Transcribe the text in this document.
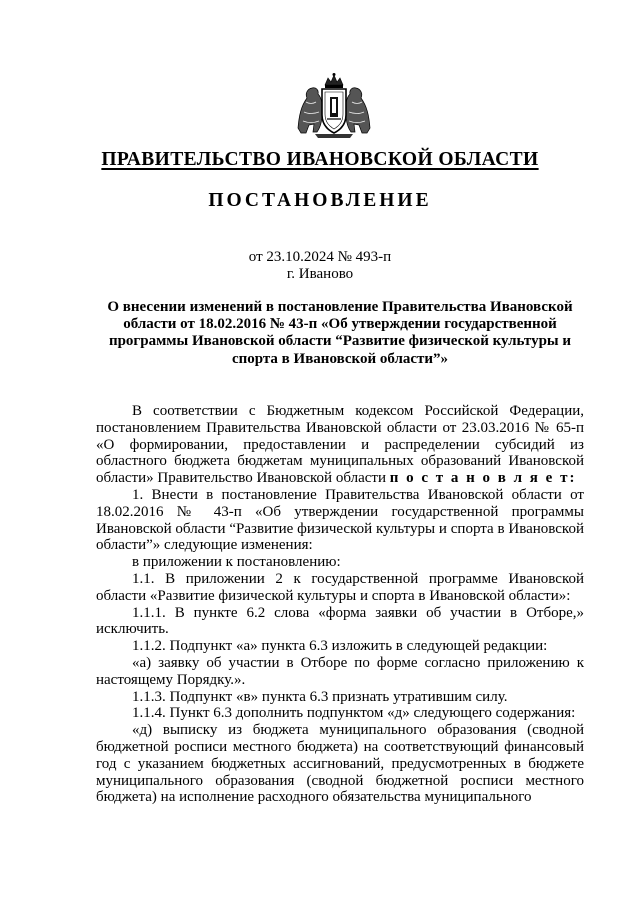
ПРАВИТЕЛЬСТВО ИВАНОВСКОЙ ОБЛАСТИ
ПОСТАНОВЛЕНИЕ
от 23.10.2024 № 493-п
г. Иваново
О внесении изменений в постановление Правительства Ивановской области от 18.02.2016 № 43-п «Об утверждении государственной программы Ивановской области “Развитие физической культуры и спорта в Ивановской области”»

В соответствии с Бюджетным кодексом Российской Федерации, постановлением Правительства Ивановской области от 23.03.2016 № 65-п «О формировании, предоставлении и распределении субсидий из областного бюджета бюджетам муниципальных образований Ивановской области» Правительство Ивановской области п о с т а н о в л я е т:

1. Внести в постановление Правительства Ивановской области от 18.02.2016 № 43-п «Об утверждении государственной программы Ивановской области “Развитие физической культуры и спорта в Ивановской области”» следующие изменения:

в приложении к постановлению:

1.1. В приложении 2 к государственной программе Ивановской области «Развитие физической культуры и спорта в Ивановской области»:

1.1.1. В пункте 6.2 слова «форма заявки об участии в Отборе,» исключить.

1.1.2. Подпункт «а» пункта 6.3 изложить в следующей редакции:

«а) заявку об участии в Отборе по форме согласно приложению к настоящему Порядку.».

1.1.3. Подпункт «в» пункта 6.3 признать утратившим силу.

1.1.4. Пункт 6.3 дополнить подпунктом «д» следующего содержания:

«д) выписку из бюджета муниципального образования (сводной бюджетной росписи местного бюджета) на соответствующий финансовый год с указанием бюджетных ассигнований, предусмотренных в бюджете муниципального образования (сводной бюджетной росписи местного бюджета) на исполнение расходного обязательства муниципального
